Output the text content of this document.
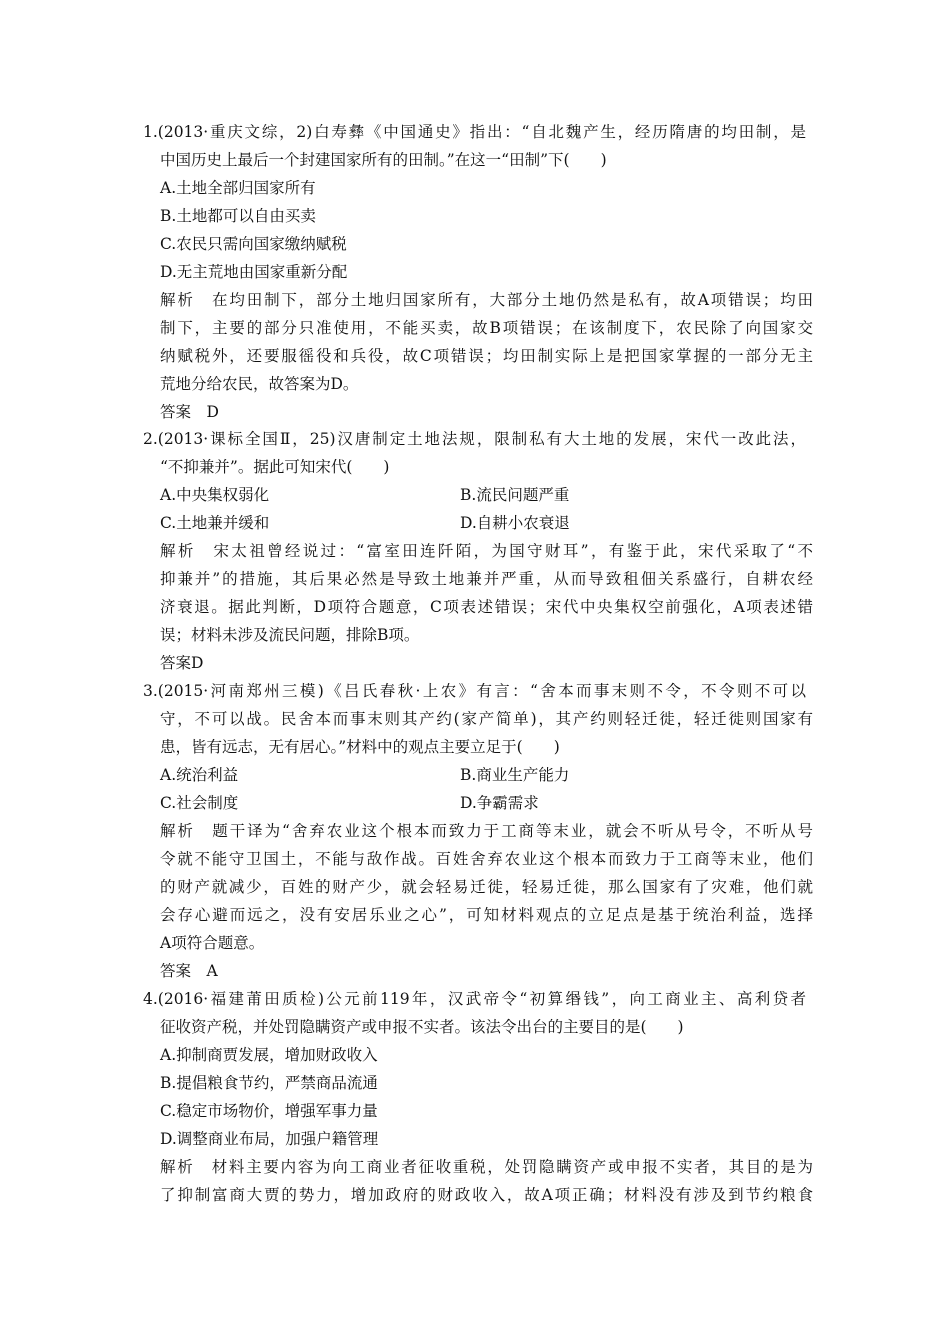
1.(2013·重庆文综，2)白寿彝《中国通史》指出：“自北魏产生，经历隋唐的均田制，是
中国历史上最后一个封建国家所有的田制。”在这一“田制”下(　　)
A.土地全部归国家所有
B.土地都可以自由买卖
C.农民只需向国家缴纳赋税
D.无主荒地由国家重新分配
解析　在均田制下，部分土地归国家所有，大部分土地仍然是私有，故A项错误；均田
制下，主要的部分只准使用，不能买卖，故B项错误；在该制度下，农民除了向国家交
纳赋税外，还要服徭役和兵役，故C项错误；均田制实际上是把国家掌握的一部分无主
荒地分给农民，故答案为D。
答案　D
2.(2013·课标全国Ⅱ，25)汉唐制定土地法规，限制私有大土地的发展，宋代一改此法，
“不抑兼并”。据此可知宋代(　　)
A.中央集权弱化	B.流民问题严重
C.土地兼并缓和	D.自耕小农衰退
解析　宋太祖曾经说过：“富室田连阡陌，为国守财耳”，有鉴于此，宋代采取了“不
抑兼并”的措施，其后果必然是导致土地兼并严重，从而导致租佃关系盛行，自耕农经
济衰退。据此判断，D项符合题意，C项表述错误；宋代中央集权空前强化，A项表述错
误；材料未涉及流民问题，排除B项。
答案D
3.(2015·河南郑州三模)《吕氏春秋·上农》有言：“舍本而事末则不令，不令则不可以
守，不可以战。民舍本而事末则其产约(家产简单)，其产约则轻迁徙，轻迁徙则国家有
患，皆有远志，无有居心。”材料中的观点主要立足于(　　)
A.统治利益	B.商业生产能力
C.社会制度	D.争霸需求
解析　题干译为“舍弃农业这个根本而致力于工商等末业，就会不听从号令，不听从号
令就不能守卫国土，不能与敌作战。百姓舍弃农业这个根本而致力于工商等末业，他们
的财产就减少，百姓的财产少，就会轻易迁徙，轻易迁徙，那么国家有了灾难，他们就
会存心避而远之，没有安居乐业之心”，可知材料观点的立足点是基于统治利益，选择
A项符合题意。
答案　A
4.(2016·福建莆田质检)公元前119年，汉武帝令“初算缗钱”，向工商业主、高利贷者
征收资产税，并处罚隐瞒资产或申报不实者。该法令出台的主要目的是(　　)
A.抑制商贾发展，增加财政收入
B.提倡粮食节约，严禁商品流通
C.稳定市场物价，增强军事力量
D.调整商业布局，加强户籍管理
解析　材料主要内容为向工商业者征收重税，处罚隐瞒资产或申报不实者，其目的是为
了抑制富商大贾的势力，增加政府的财政收入，故A项正确；材料没有涉及到节约粮食
